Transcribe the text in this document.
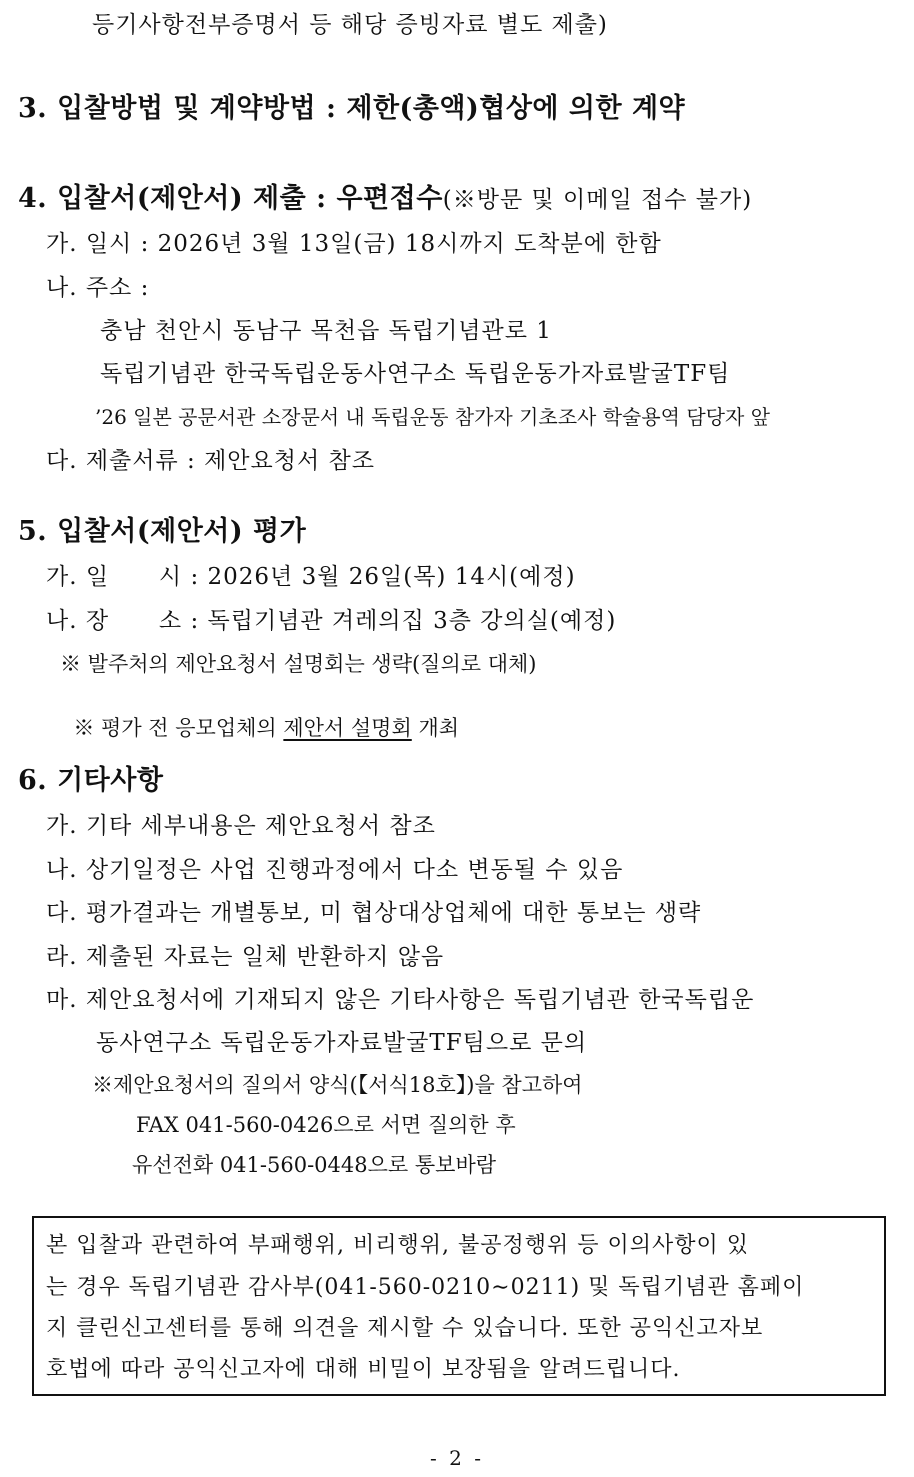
등기사항전부증명서 등 해당 증빙자료 별도 제출)
3. 입찰방법 및 계약방법 : 제한(총액)협상에 의한 계약
4. 입찰서(제안서) 제출 : 우편접수(※방문 및 이메일 접수 불가)
가. 일시 : 2026년 3월 13일(금) 18시까지 도착분에 한함
나. 주소 :
충남 천안시 동남구 목천읍 독립기념관로 1
독립기념관 한국독립운동사연구소 독립운동가자료발굴TF팀
’26 일본 공문서관 소장문서 내 독립운동 참가자 기초조사 학술용역 담당자 앞
다. 제출서류 : 제안요청서 참조
5. 입찰서(제안서) 평가
가. 일      시 : 2026년 3월 26일(목) 14시(예정)
나. 장      소 : 독립기념관 겨레의집 3층 강의실(예정)
※ 발주처의 제안요청서 설명회는 생략(질의로 대체)

※ 평가 전 응모업체의 제안서 설명회 개최

6. 기타사항
가. 기타 세부내용은 제안요청서 참조
나. 상기일정은 사업 진행과정에서 다소 변동될 수 있음
다. 평가결과는 개별통보, 미 협상대상업체에 대한 통보는 생략
라. 제출된 자료는 일체 반환하지 않음
마. 제안요청서에 기재되지 않은 기타사항은 독립기념관 한국독립운
동사연구소 독립운동가자료발굴TF팀으로 문의
※제안요청서의 질의서 양식(【서식18호】)을 참고하여
FAX 041-560-0426으로 서면 질의한 후
유선전화 041-560-0448으로 통보바람
본 입찰과 관련하여 부패행위, 비리행위, 불공정행위 등 이의사항이 있
는 경우 독립기념관 감사부(041-560-0210∼0211) 및 독립기념관 홈페이
지 클린신고센터를 통해 의견을 제시할 수 있습니다. 또한 공익신고자보
호법에 따라 공익신고자에 대해 비밀이 보장됨을 알려드립니다.
- 2 -
